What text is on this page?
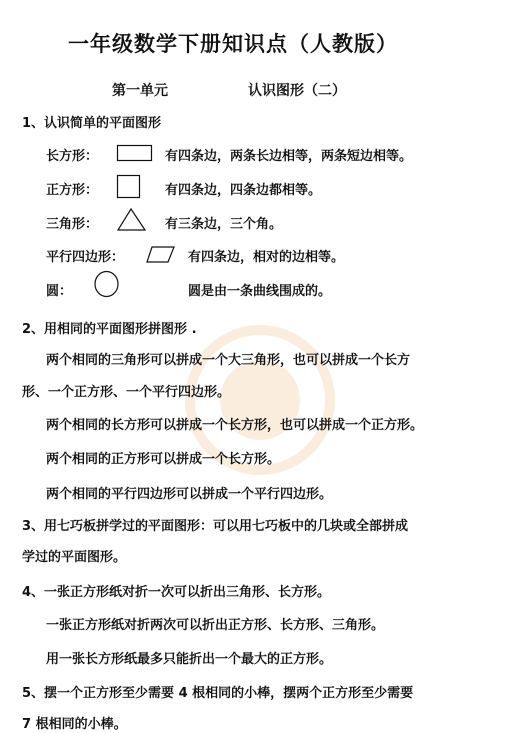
一年级数学下册知识点（人教版）
第一单元	认识图形（二）
1、认识简单的平面图形
长方形：	有四条边，两条长边相等，两条短边相等。
正方形：	有四条边，四条边都相等。
三角形：	有三条边，三个角。
平行四边形：	有四条边，相对的边相等。
圆：	圆是由一条曲线围成的。
2、用相同的平面图形拼图形 .
两个相同的三角形可以拼成一个大三角形，也可以拼成一个长方
形、一个正方形、一个平行四边形。
两个相同的长方形可以拼成一个长方形，也可以拼成一个正方形。
两个相同的正方形可以拼成一个长方形。
两个相同的平行四边形可以拼成一个平行四边形。
3、用七巧板拼学过的平面图形：可以用七巧板中的几块或全部拼成
学过的平面图形。
4、一张正方形纸对折一次可以折出三角形、长方形。
一张正方形纸对折两次可以折出正方形、长方形、三角形。
用一张长方形纸最多只能折出一个最大的正方形。
5、摆一个正方形至少需要 4 根相同的小棒，摆两个正方形至少需要
7 根相同的小棒。
